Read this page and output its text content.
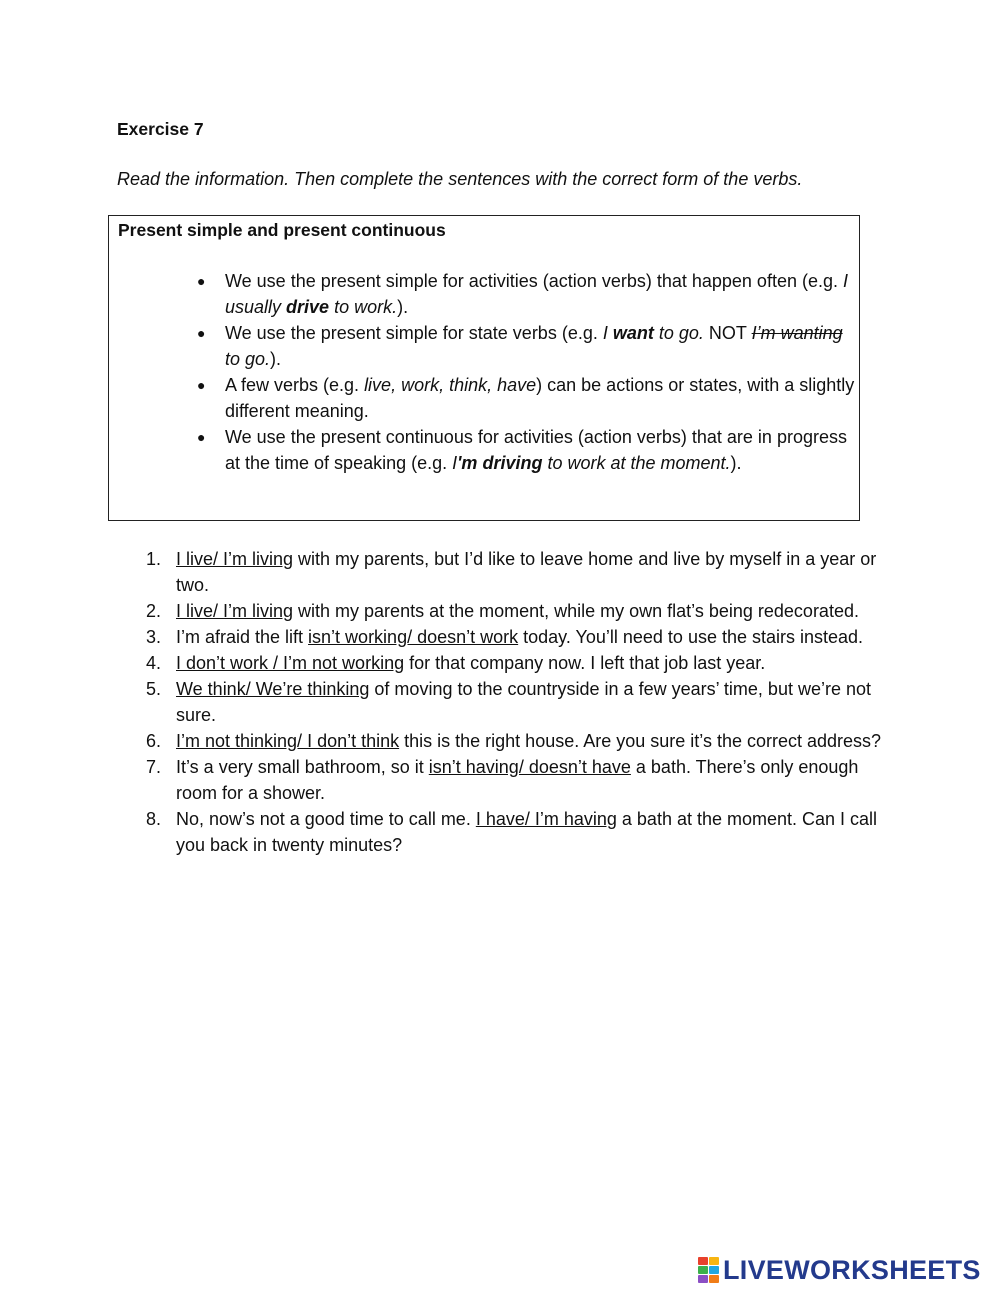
Exercise 7
Read the information. Then complete the sentences with the correct form of the verbs.
Present simple and present continuous
● We use the present simple for activities (action verbs) that happen often (e.g. I usually drive to work.).
● We use the present simple for state verbs (e.g. I want to go. NOT I’m wanting to go.).
● A few verbs (e.g. live, work, think, have) can be actions or states, with a slightly different meaning.
● We use the present continuous for activities (action verbs) that are in progress at the time of speaking (e.g. I'm driving to work at the moment.).
1. I live/ I’m living with my parents, but I’d like to leave home and live by myself in a year or two.
2. I live/ I’m living with my parents at the moment, while my own flat’s being redecorated.
3. I’m afraid the lift isn’t working/ doesn’t work today. You’ll need to use the stairs instead.
4. I don’t work / I’m not working for that company now. I left that job last year.
5. We think/ We’re thinking of moving to the countryside in a few years’ time, but we’re not sure.
6. I’m not thinking/ I don’t think this is the right house. Are you sure it’s the correct address?
7. It’s a very small bathroom, so it isn’t having/ doesn’t have a bath. There’s only enough room for a shower.
8. No, now’s not a good time to call me. I have/ I’m having a bath at the moment. Can I call you back in twenty minutes?
LIVEWORKSHEETS
